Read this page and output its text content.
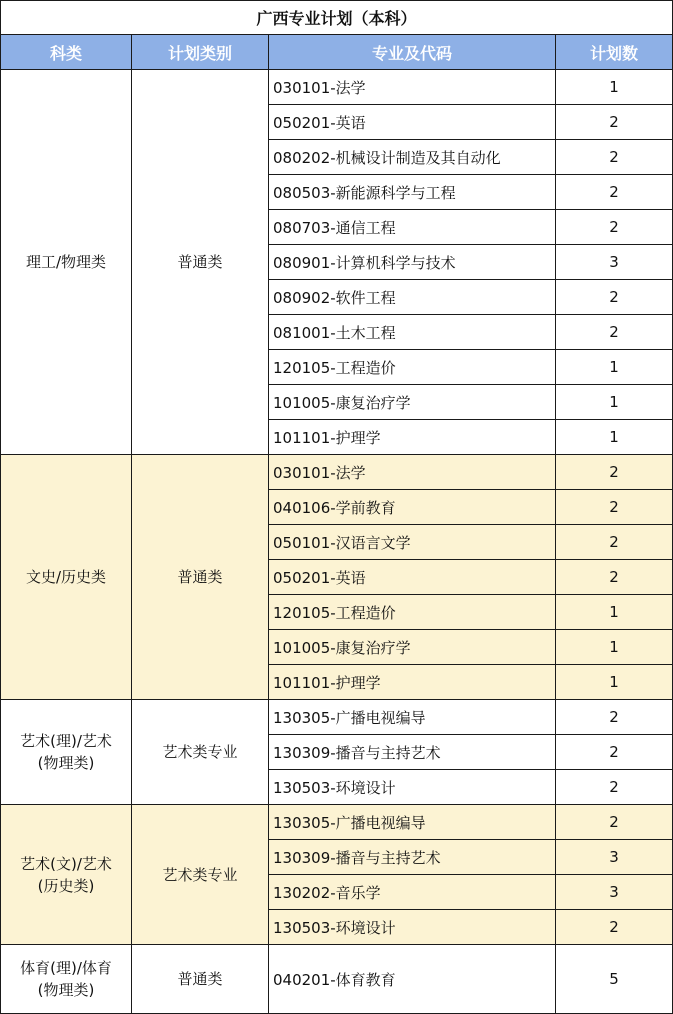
广西专业计划（本科）			
科类	计划类别	专业及代码	计划数
理工/物理类	普通类	030101-法学	1
		050201-英语	2
		080202-机械设计制造及其自动化	2
		080503-新能源科学与工程	2
		080703-通信工程	2
		080901-计算机科学与技术	3
		080902-软件工程	2
		081001-土木工程	2
		120105-工程造价	1
		101005-康复治疗学	1
		101101-护理学	1
文史/历史类	普通类	030101-法学	2
		040106-学前教育	2
		050101-汉语言文学	2
		050201-英语	2
		120105-工程造价	1
		101005-康复治疗学	1
		101101-护理学	1

艺术(理)/艺术
(物理类)	艺术类专业	130305-广播电视编导	2
		130309-播音与主持艺术	2
		130503-环境设计	2

艺术(文)/艺术
(历史类)	艺术类专业	130305-广播电视编导	2
		130309-播音与主持艺术	3
		130202-音乐学	3
		130503-环境设计	2

体育(理)/体育
(物理类)	普通类	040201-体育教育	5
